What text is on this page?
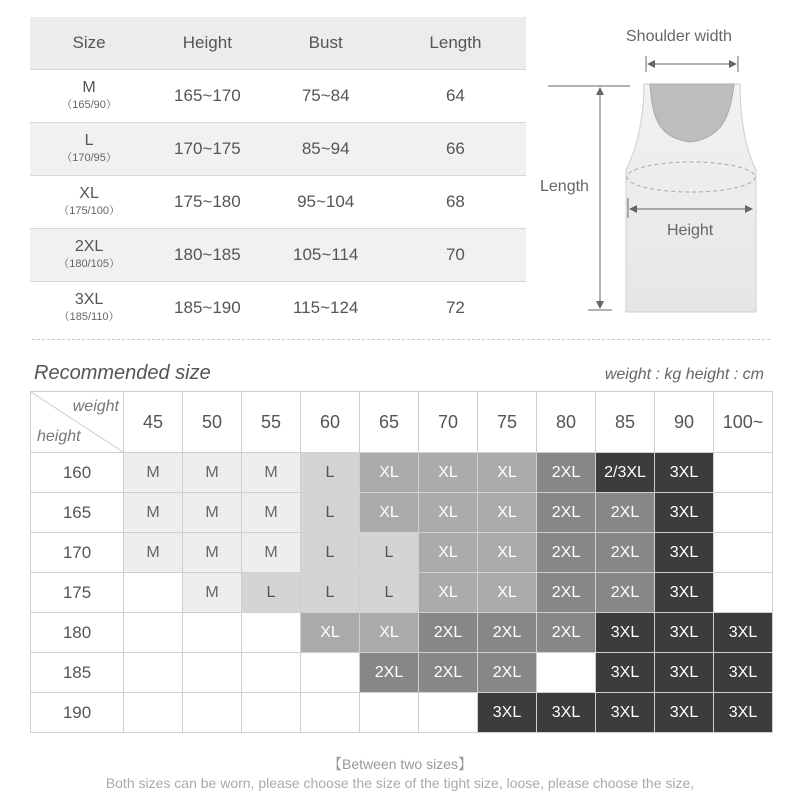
Size	Height	Bust	Length

M
（165/90）	165~170	75~84	64

L
（170/95）	170~175	85~94	66

XL
（175/100）	175~180	95~104	68

2XL
（180/105）	180~185	105~114	70

3XL
（185/110）	185~190	115~124	72
Shoulder width
Length
Height
Recommended size	weight : kg height : cm
weight
height	45	50	55	60	65	70	75	80	85	90	100~
160	M	M	M	L	XL	XL	XL	2XL	2/3XL	3XL	
165	M	M	M	L	XL	XL	XL	2XL	2XL	3XL	
170	M	M	M	L	L	XL	XL	2XL	2XL	3XL	
175		M	L	L	L	XL	XL	2XL	2XL	3XL	
180				XL	XL	2XL	2XL	2XL	3XL	3XL	3XL
185					2XL	2XL	2XL		3XL	3XL	3XL
190							3XL	3XL	3XL	3XL	3XL
【Between two sizes】
Both sizes can be worn, please choose the size of the tight size, loose, please choose the size,
